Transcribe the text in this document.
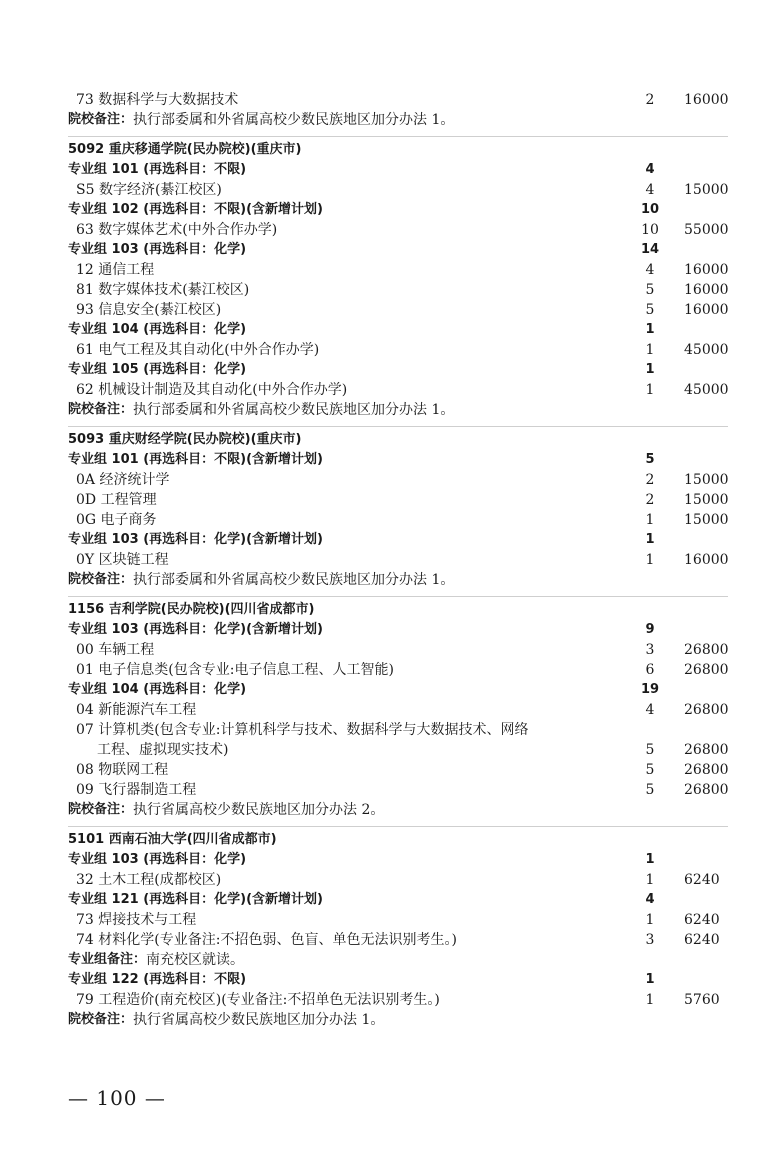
73 数据科学与大数据技术	2	16000
院校备注： 执行部委属和外省属高校少数民族地区加分办法 1。
5092 重庆移通学院(民办院校)(重庆市)
专业组 101 (再选科目：不限)	4
S5 数字经济(綦江校区)	4	15000
专业组 102 (再选科目：不限)(含新增计划)	10
63 数字媒体艺术(中外合作办学)	10 55000
专业组 103 (再选科目：化学)	14
12 通信工程	4	16000
81 数字媒体技术(綦江校区)	5	16000
93 信息安全(綦江校区)	5	16000
专业组 104 (再选科目：化学)	1
61 电气工程及其自动化(中外合作办学)	1	45000
专业组 105 (再选科目：化学)	1
62 机械设计制造及其自动化(中外合作办学)	1	45000
院校备注： 执行部委属和外省属高校少数民族地区加分办法 1。
5093 重庆财经学院(民办院校)(重庆市)
专业组 101 (再选科目：不限)(含新增计划)	5
0A 经济统计学	2	15000
0D 工程管理	2	15000
0G 电子商务	1	15000
专业组 103 (再选科目：化学)(含新增计划)	1
0Y 区块链工程	1	16000
院校备注： 执行部委属和外省属高校少数民族地区加分办法 1。
1156 吉利学院(民办院校)(四川省成都市)
专业组 103 (再选科目：化学)(含新增计划)	9
00 车辆工程	3	26800
01 电子信息类(包含专业:电子信息工程、人工智能)	6	26800
专业组 104 (再选科目：化学)	19
04 新能源汽车工程	4	26800
07 计算机类(包含专业:计算机科学与技术、数据科学与大数据技术、网络
工程、虚拟现实技术)	5	26800
08 物联网工程	5	26800
09 飞行器制造工程	5	26800
院校备注： 执行省属高校少数民族地区加分办法 2。
5101 西南石油大学(四川省成都市)
专业组 103 (再选科目：化学)	1
32 土木工程(成都校区)	1	6240
专业组 121 (再选科目：化学)(含新增计划)	4
73 焊接技术与工程	1	6240
74 材料化学(专业备注:不招色弱、色盲、单色无法识别考生。)	3	6240
专业组备注： 南充校区就读。
专业组 122 (再选科目：不限)	1
79 工程造价(南充校区)(专业备注:不招单色无法识别考生。)	1	5760
院校备注： 执行省属高校少数民族地区加分办法 1。
— 100 —
